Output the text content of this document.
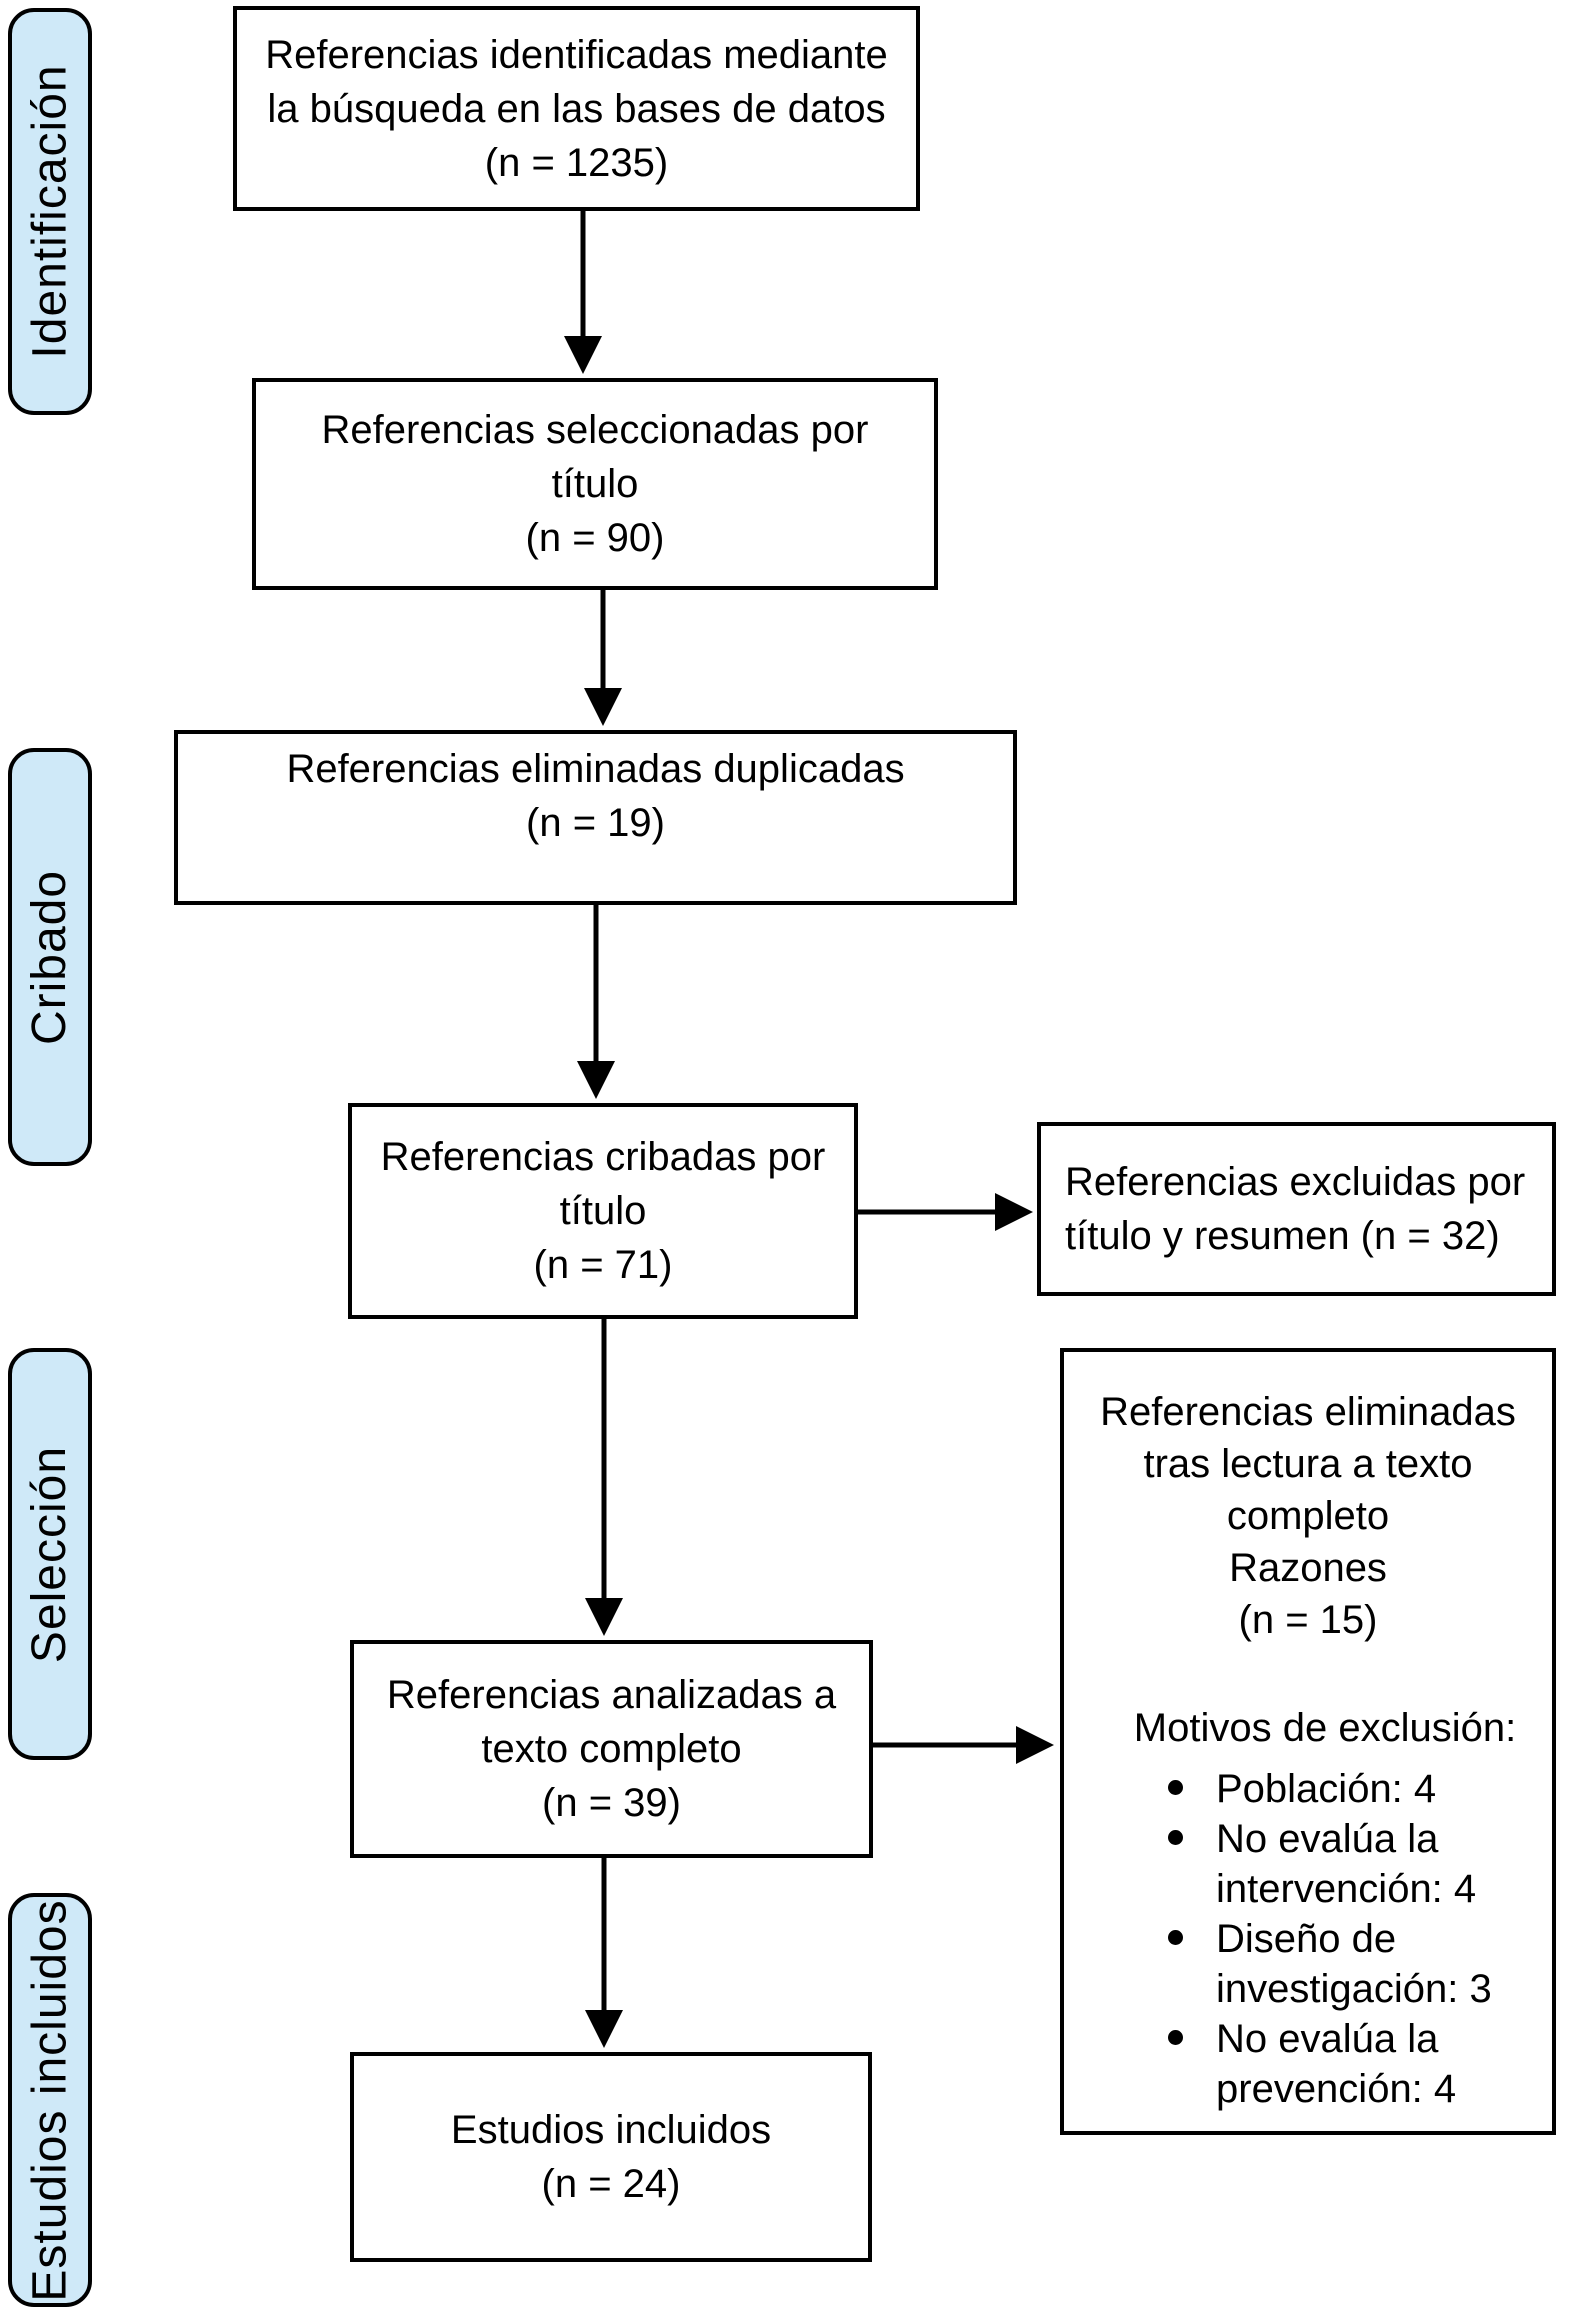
Identificación
Cribado
Selección
Estudios incluidos
Referencias identificadas mediante
la búsqueda en las bases de datos
(n = 1235)
Referencias seleccionadas por
título
(n = 90)
Referencias eliminadas duplicadas
(n = 19)
Referencias cribadas por
título
(n = 71)
Referencias excluidas por
título y resumen (n = 32)
Referencias analizadas a
texto completo
(n = 39)
Referencias eliminadas
tras lectura a texto
completo
Razones
(n = 15)
Motivos de exclusión:
Población: 4
No evalúa la intervención: 4
Diseño de investigación: 3
No evalúa la prevención: 4
Estudios incluidos
(n = 24)
